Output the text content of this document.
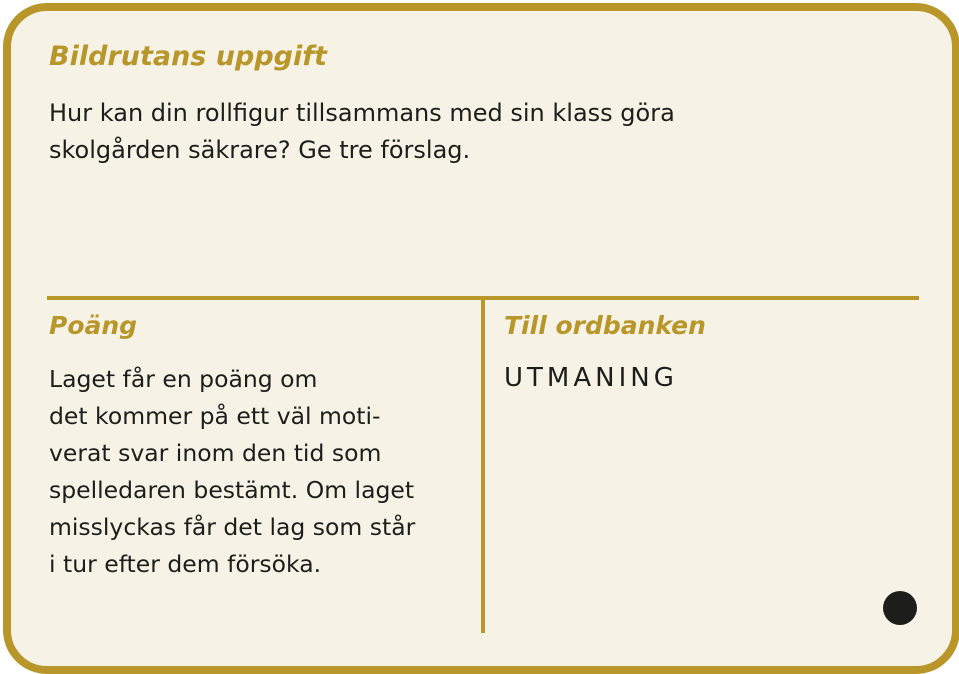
Bildrutans uppgift

Hur kan din rollfigur tillsammans med sin klass göra skolgården säkrare? Ge tre förslag.

Poäng
Laget får en poäng om
det kommer på ett väl moti-
verat svar inom den tid som
spelledaren bestämt. Om laget
misslyckas får det lag som står
i tur efter dem försöka.
Till ordbanken

UTMANING
